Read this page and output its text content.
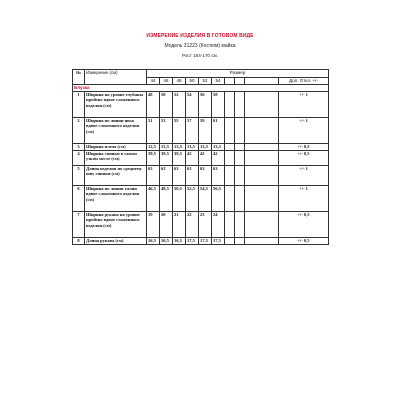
ИЗМЕРЕНИЕ ИЗДЕЛИЯ В ГОТОВОМ ВИДЕ
Модель 31223 (Костюм) майка
Рост 164-170 см.
№	Измерение (см)	Размер									
		44	46	48	50	52	54				Доп. Откл. +/-
Блузка											
1	Ширина на уровне глубины проймы вдвое сложенного изделия (см)	48	50	52	54	56	58				+/- 1
2	Ширина по линии низа вдвое сложенного изделия (см)	51	53	55	57	59	61				+/- 1
3	Ширина плеча (см)	12,5	12,5	13,5	13,5	13,5	13,5				+/- 0,5
4	Ширина спинки в самом узком месте (см)	39,5	39,5	39,5	42	42	42				+/- 0,5
5	Длина изделия по среднему шву спинки (см)	63	63	63	63	63	63				+/- 1
6	Ширина по линии талии вдвое сложенного изделия (см)	46,5	48,5	50,5	52,5	54,5	56,5				+/- 1
7	Ширина рукава на уровне проймы вдвое сложенного изделия (см)	19	20	21	22	23	24				+/- 0,5
8	Длина рукава (см)	16,5	16,5	16,5	17,5	17,5	17,5				+/- 0,5
